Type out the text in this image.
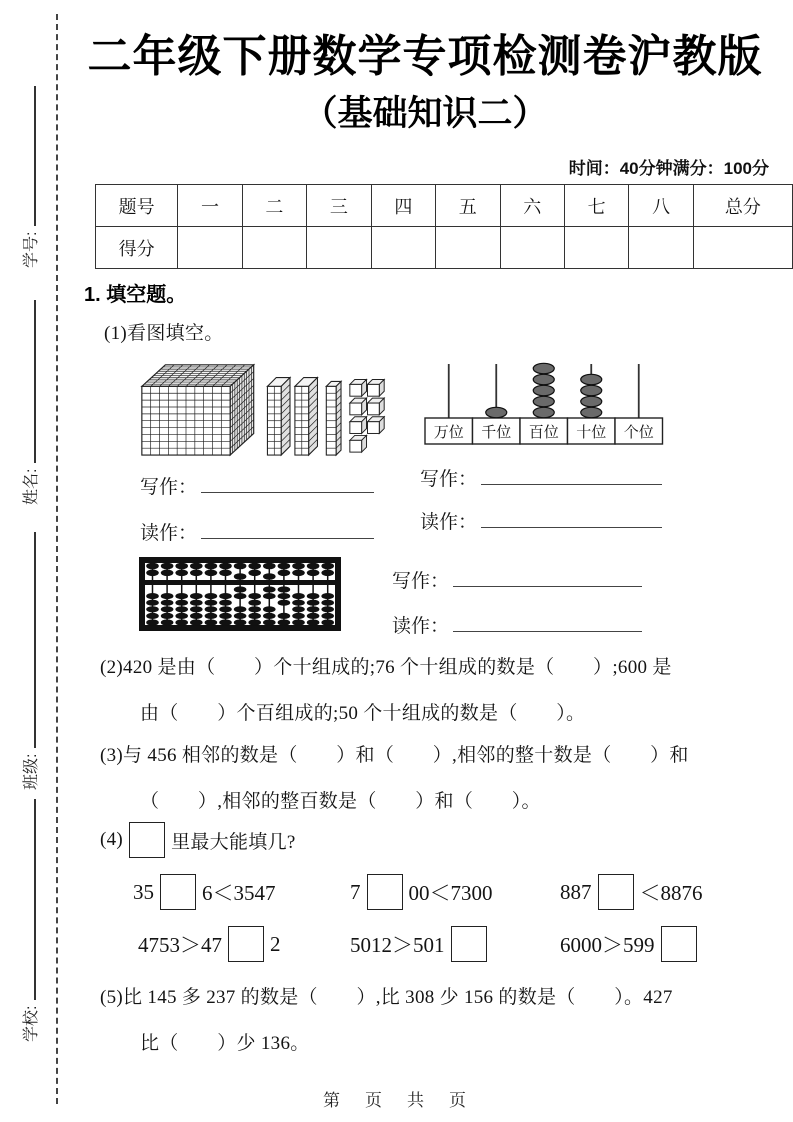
学号:
姓名:
班级:
学校:
二年级下册数学专项检测卷沪教版
（基础知识二）
时间：40分钟满分：100分
题号	一	二	三	四	五	六	七	八	总分
得分									
1. 填空题。
(1)看图填空。
万位 千位 百位 十位 个位
写作：
读作：
写作：
读作：
写作：
读作：
(2)420 是由（　　）个十组成的;76 个十组成的数是（　　）;600 是
由（　　）个百组成的;50 个十组成的数是（　　）。
(3)与 456 相邻的数是（　　）和（　　）,相邻的整十数是（　　）和
（　　）,相邻的整百数是（　　）和（　　）。
(4)	里最大能填几?
35 6＜3547	7 00＜7300	887 ＜8876
4753＞47 2	5012＞501	6000＞599
(5)比 145 多 237 的数是（　　）,比 308 少 156 的数是（　　）。427
比（　　）少 136。
第　页　共　页
